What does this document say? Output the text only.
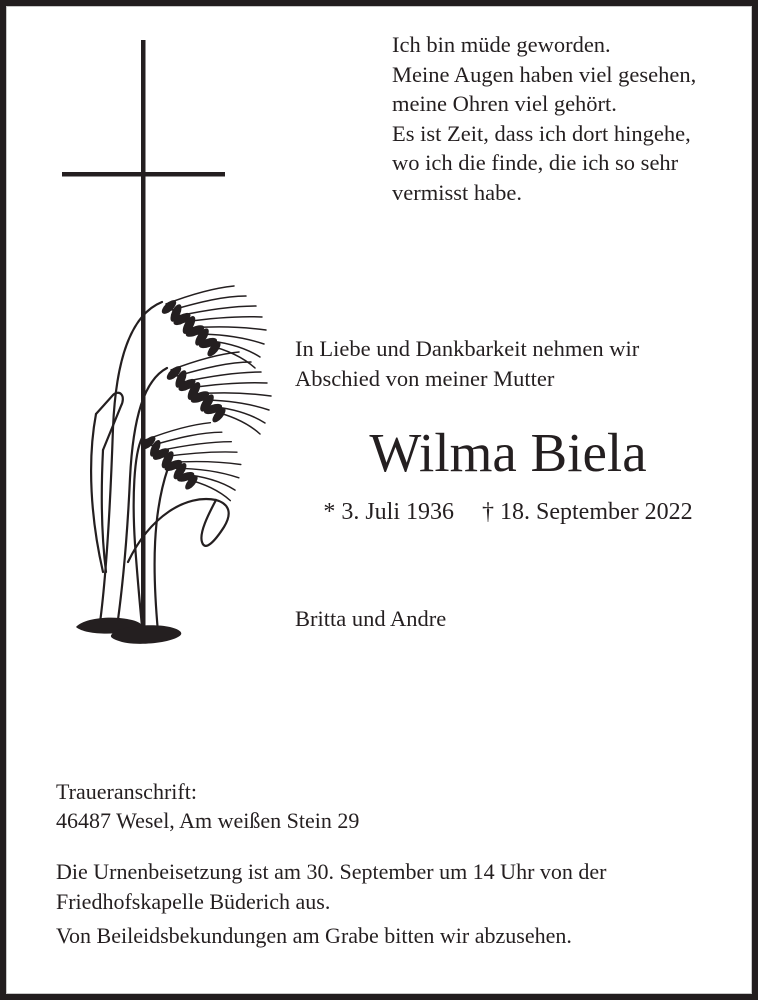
Ich bin müde geworden.
Meine Augen haben viel gesehen,
meine Ohren viel gehört.
Es ist Zeit, dass ich dort hingehe,
wo ich die finde, die ich so sehr
vermisst habe.
In Liebe und Dankbarkeit nehmen wir
Abschied von meiner Mutter
Wilma Biela
* 3. Juli 1936 † 18. September 2022
Britta und Andre
Traueranschrift:
46487 Wesel, Am weißen Stein 29
Die Urnenbeisetzung ist am 30. September um 14 Uhr von der
Friedhofskapelle Büderich aus.
Von Beileidsbekundungen am Grabe bitten wir abzusehen.
